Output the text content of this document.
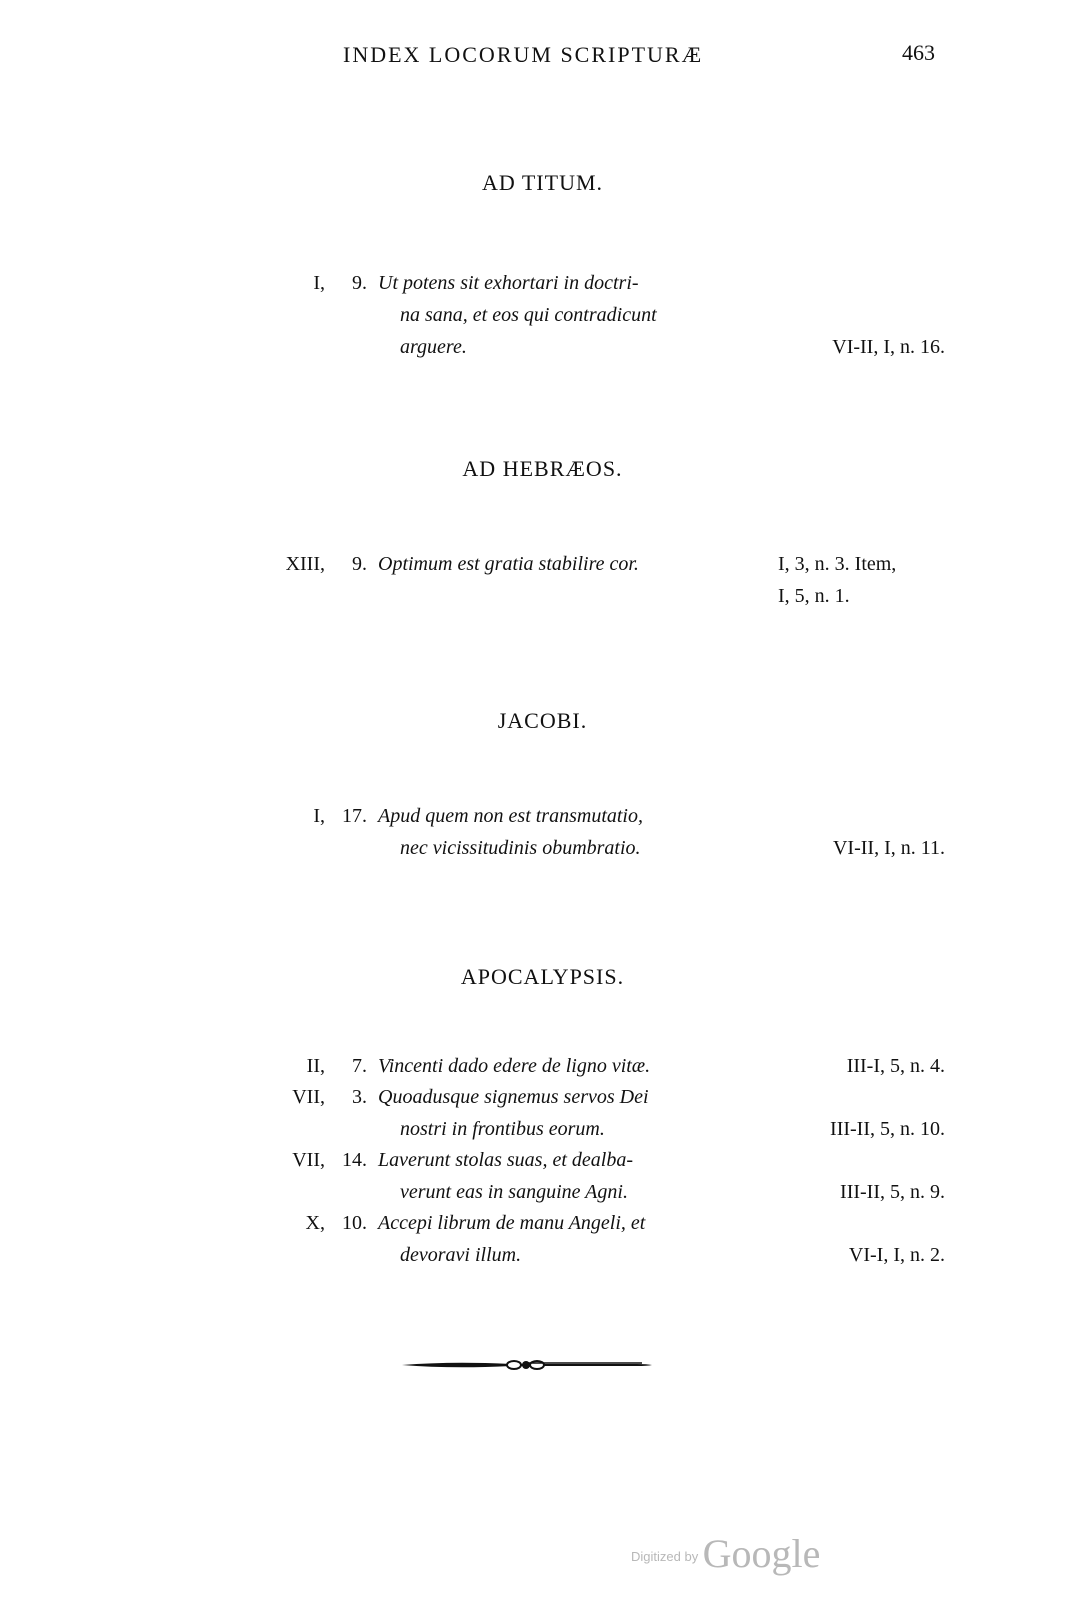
INDEX LOCORUM SCRIPTURÆ	463
AD TITUM.
I,	9. Ut potens sit exhortari in doctri-
na sana, et eos qui contradicunt
arguere.	VI-II, I, n. 16.
AD HEBRÆOS.
XIII,	9. Optimum est gratia stabilire cor.	I, 3, n. 3. Item,
I, 5, n. 1.
JACOBI.
I, 17. Apud quem non est transmutatio,
nec vicissitudinis obumbratio.	VI-II, I, n. 11.
APOCALYPSIS.
II,	7. Vincenti dado edere de ligno vitæ.	III-I, 5, n. 4.
VII,	3. Quoadusque signemus servos Dei
nostri in frontibus eorum.	III-II, 5, n. 10.
VII, 14. Laverunt stolas suas, et dealba-
verunt eas in sanguine Agni.	III-II, 5, n. 9.
X, 10. Accepi librum de manu Angeli, et
devoravi illum.	VI-I, I, n. 2.
$^{Digitized by}$ Google
